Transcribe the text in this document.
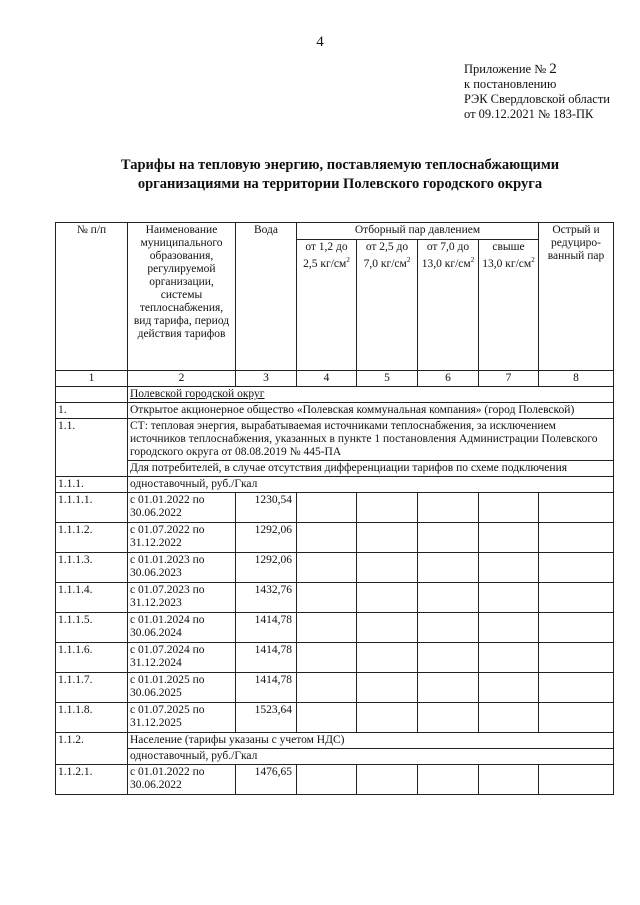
4
Приложение № 2
к постановлению
РЭК Свердловской области
от 09.12.2021 № 183-ПК
Тарифы на тепловую энергию, поставляемую теплоснабжающими
организациями на территории Полевского городского округа
№ п/п	Наименование муниципального образования, регулируемой организации, системы теплоснабжения, вид тарифа, период действия тарифов	Вода	Отборный пар давлением				Острый и редуциро-ванный пар
			от 1,2 до 2,5 $кг/см^2$	от 2,5 до 7,0 $кг/см^2$	от 7,0 до 13,0 $кг/см^2$	свыше 13,0 $кг/см^2$
1	2	3	4	5	6	7	8
	Полевской городской округ						
1.	Открытое акционерное общество «Полевская коммунальная компания» (город Полевской)						
1.1.	СТ: тепловая энергия, вырабатываемая источниками теплоснабжения, за исключением источников теплоснабжения, указанных в пункте 1 постановления Администрации Полевского городского округа от 08.08.2019 № 445-ПА						
	Для потребителей, в случае отсутствия дифференциации тарифов по схеме подключения						
1.1.1.	одноставочный, руб./Гкал						
1.1.1.1.	с 01.01.2022 по 30.06.2022	1230,54					
1.1.1.2.	с 01.07.2022 по 31.12.2022	1292,06					
1.1.1.3.	с 01.01.2023 по 30.06.2023	1292,06					
1.1.1.4.	с 01.07.2023 по 31.12.2023	1432,76					
1.1.1.5.	с 01.01.2024 по 30.06.2024	1414,78					
1.1.1.6.	с 01.07.2024 по 31.12.2024	1414,78					
1.1.1.7.	с 01.01.2025 по 30.06.2025	1414,78					
1.1.1.8.	с 01.07.2025 по 31.12.2025	1523,64					
1.1.2.	Население (тарифы указаны с учетом НДС)						
	одноставочный, руб./Гкал						
1.1.2.1.	с 01.01.2022 по 30.06.2022	1476,65					
